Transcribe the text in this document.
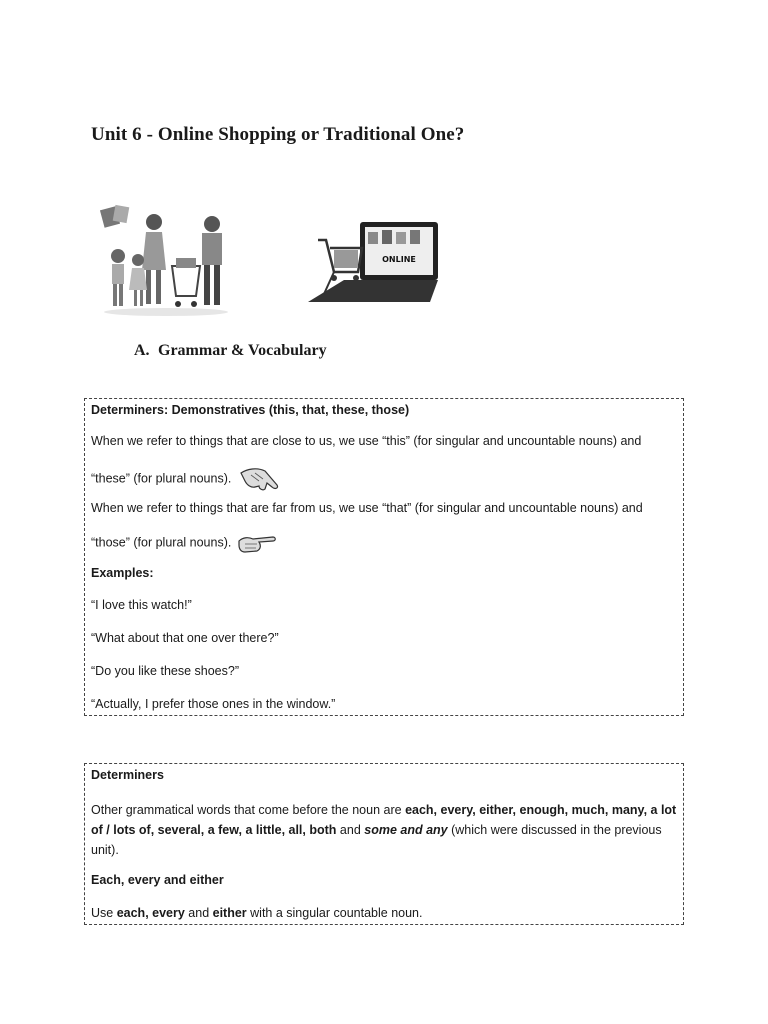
Unit 6 - Online Shopping or Traditional One?
ONLINE
A. Grammar & Vocabulary
Determiners: Demonstratives (this, that, these, those)
When we refer to things that are close to us, we use “this” (for singular and uncountable nouns) and
“these” (for plural nouns).
When we refer to things that are far from us, we use “that” (for singular and uncountable nouns) and
“those” (for plural nouns).
Examples:
“I love this watch!”
“What about that one over there?”
“Do you like these shoes?”
“Actually, I prefer those ones in the window.”
Determiners
Other grammatical words that come before the noun are each, every, either, enough, much, many, a lot of / lots of, several, a few, a little, all, both and some and any (which were discussed in the previous unit).
Each, every and either
Use each, every and either with a singular countable noun.
